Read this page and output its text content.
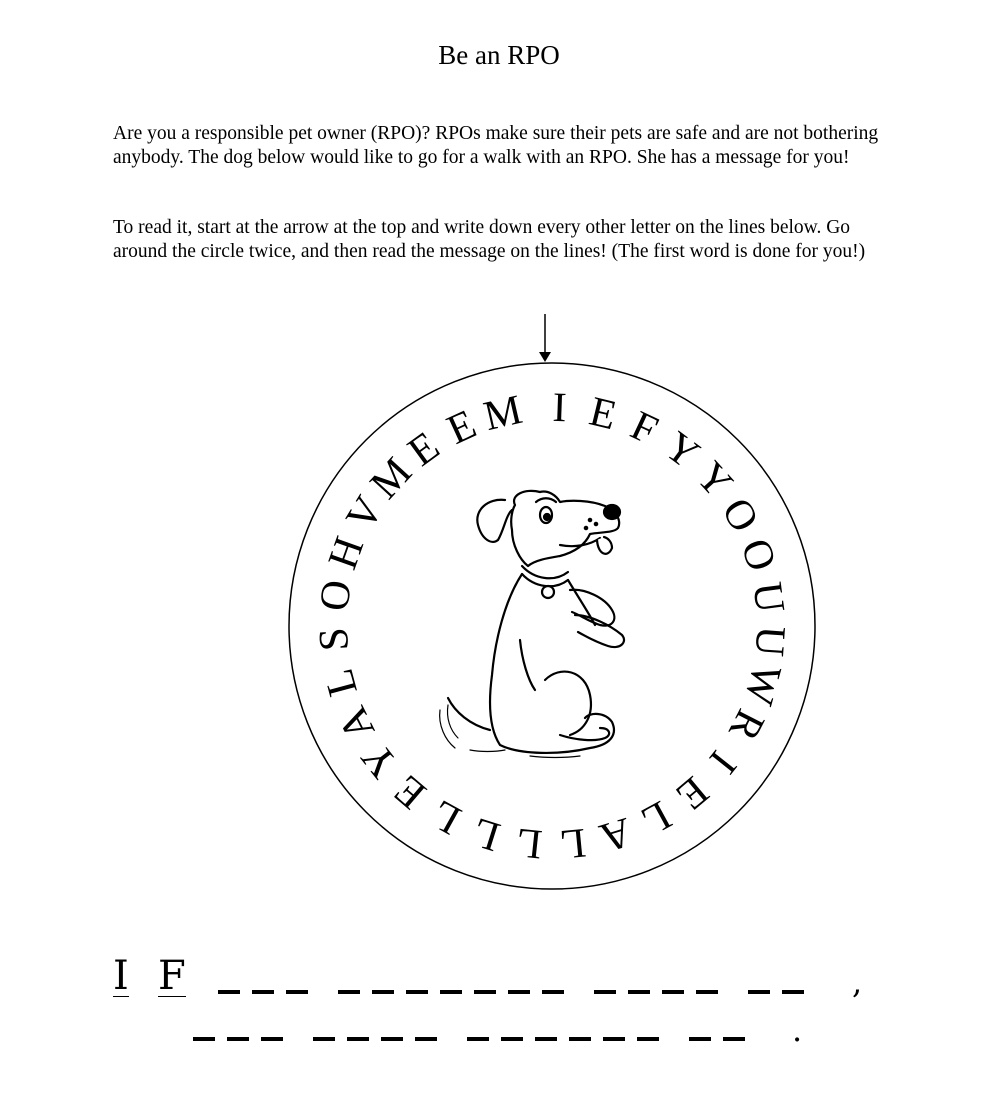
Be an RPO

Are you a responsible pet owner (RPO)? RPOs make sure their pets are safe and are not bothering anybody. The dog below would like to go for a walk with an RPO. She has a message for you!

To read it, start at the arrow at the top and write down every other letter on the lines below. Go around the circle twice, and then read the message on the lines! (The first word is done for you!)

I E F
Y
Y
O
O
U
U
W
R
I
E
L
A
L
L
L
L
E
Y
A
L
S
O
H
V
M
E
E
M
I F	,
.
